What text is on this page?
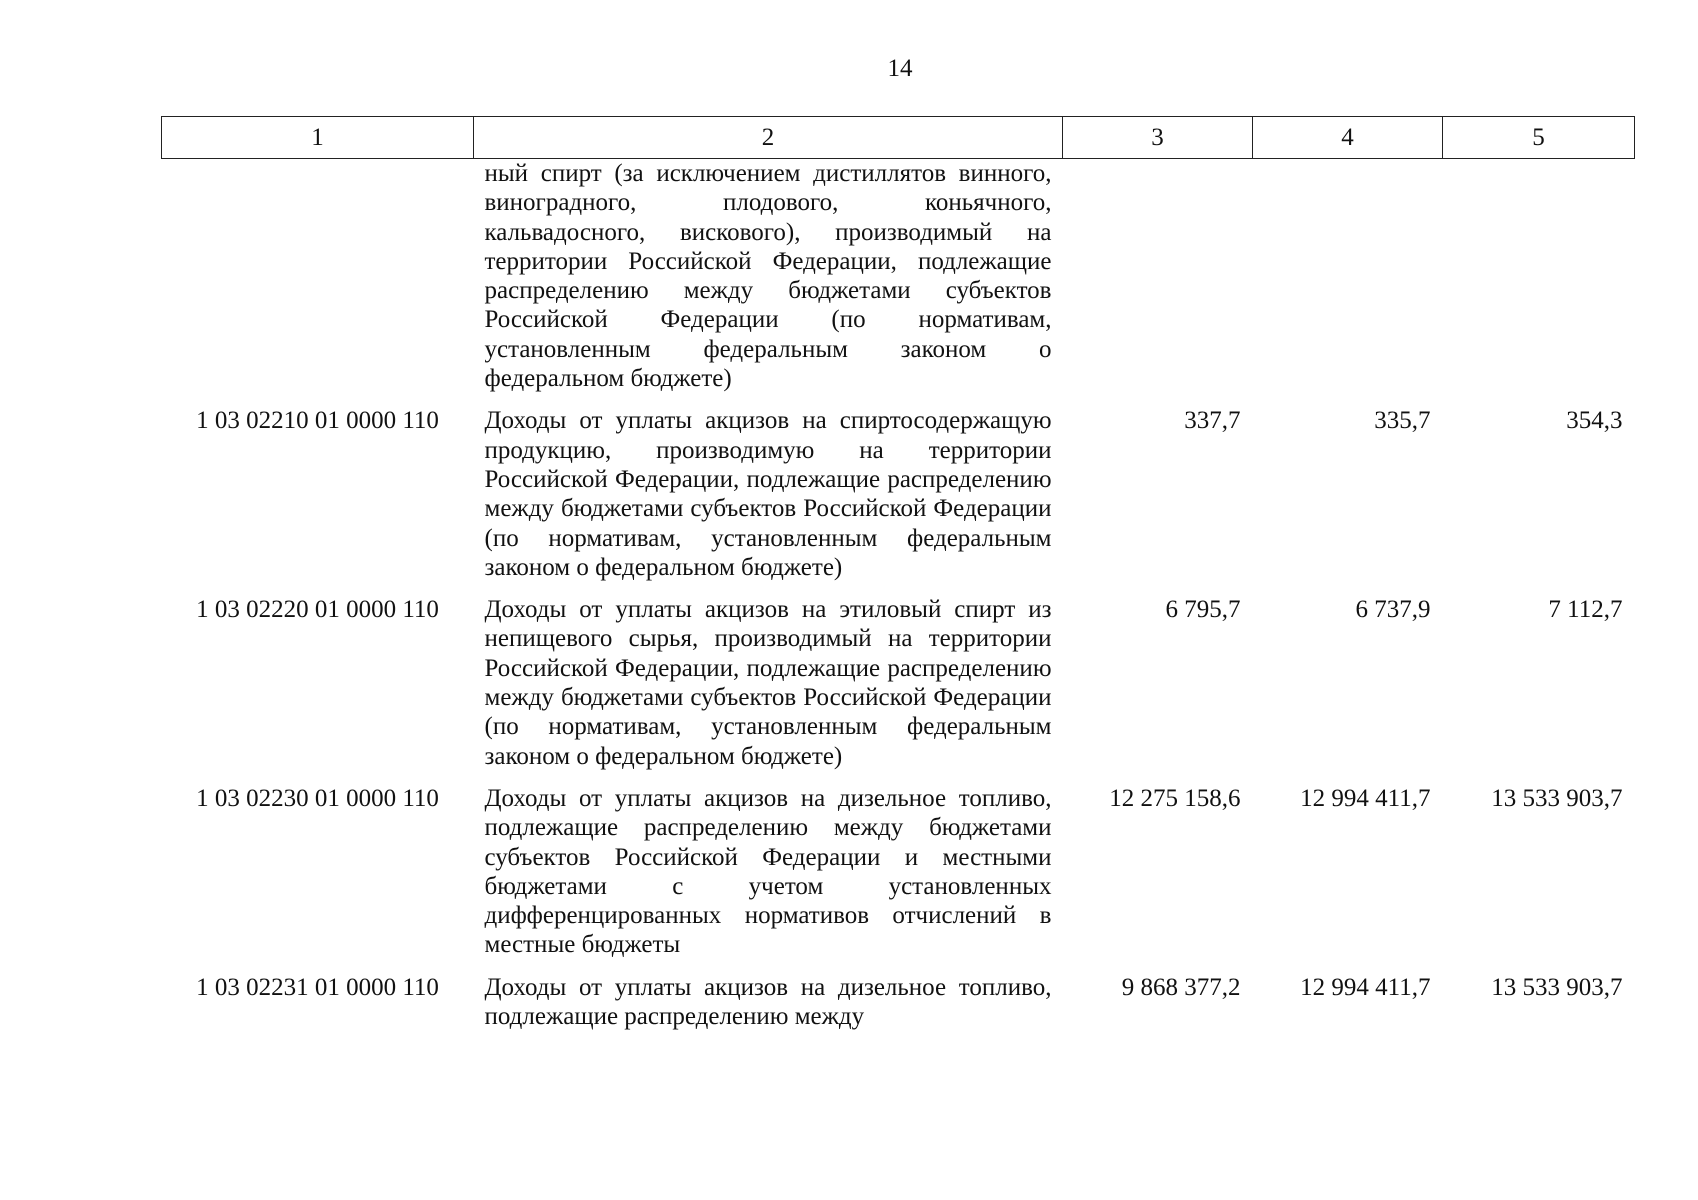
14
1	2	3	4	5
	ный спирт (за исключением дистиллятов винного, виноградного, плодового, коньячного, кальвадосного, вискового), производимый на территории Российской Федерации, подлежащие распределению между бюджетами субъектов Российской Федерации (по нормативам, установленным федеральным законом о федеральном бюджете)			
1 03 02210 01 0000 110	Доходы от уплаты акцизов на спиртосодержащую продукцию, производимую на территории Российской Федерации, подлежащие распределению между бюджетами субъектов Российской Федерации (по нормативам, установленным федеральным законом о федеральном бюджете)	337,7	335,7	354,3
1 03 02220 01 0000 110	Доходы от уплаты акцизов на этиловый спирт из непищевого сырья, производимый на территории Российской Федерации, подлежащие распределению между бюджетами субъектов Российской Федерации (по нормативам, установленным федеральным законом о федеральном бюджете)	6 795,7	6 737,9	7 112,7
1 03 02230 01 0000 110	Доходы от уплаты акцизов на дизельное топливо, подлежащие распределению между бюджетами субъектов Российской Федерации и местными бюджетами с учетом установленных дифференцированных нормативов отчислений в местные бюджеты	12 275 158,6	12 994 411,7	13 533 903,7
1 03 02231 01 0000 110	Доходы от уплаты акцизов на дизельное топливо, подлежащие распределению между	9 868 377,2	12 994 411,7	13 533 903,7
